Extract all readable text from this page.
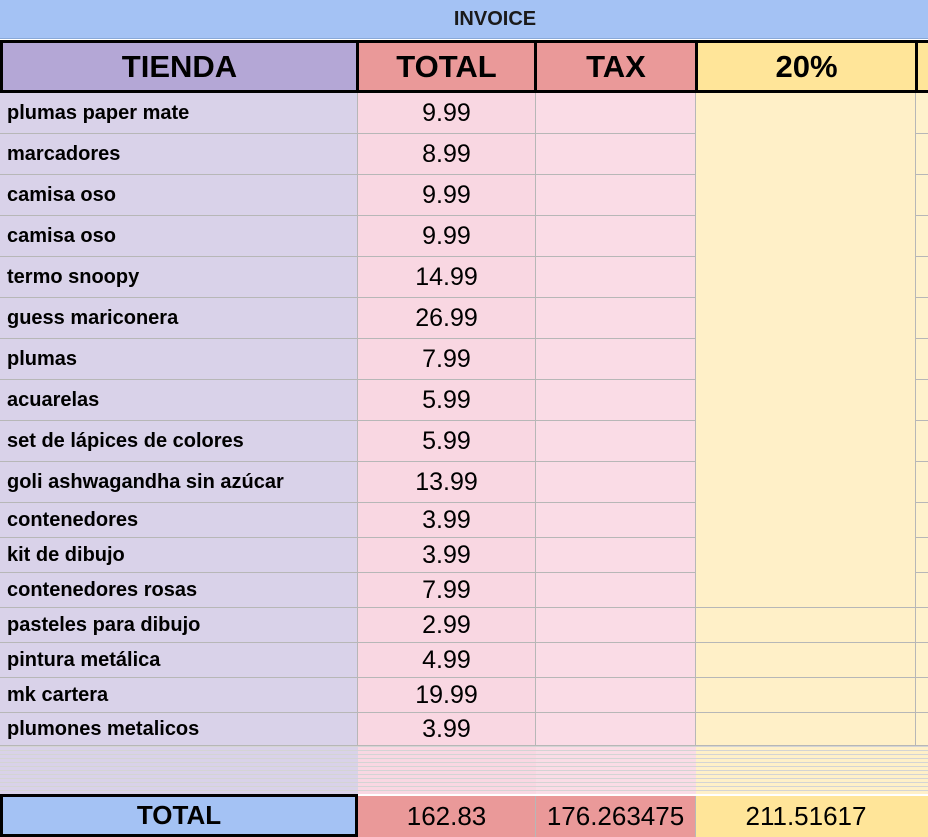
INVOICE
TIENDA	TOTAL	TAX	20%
plumas paper mate	9.99
marcadores	8.99
camisa oso	9.99
camisa oso	9.99
termo snoopy	14.99
guess mariconera	26.99
plumas	7.99
acuarelas	5.99
set de lápices de colores	5.99
goli ashwagandha sin azúcar	13.99
contenedores	3.99
kit de dibujo	3.99
contenedores rosas	7.99
pasteles para dibujo	2.99
pintura metálica	4.99
mk cartera	19.99
plumones metalicos	3.99
TOTAL	162.83	176.263475	211.51617
